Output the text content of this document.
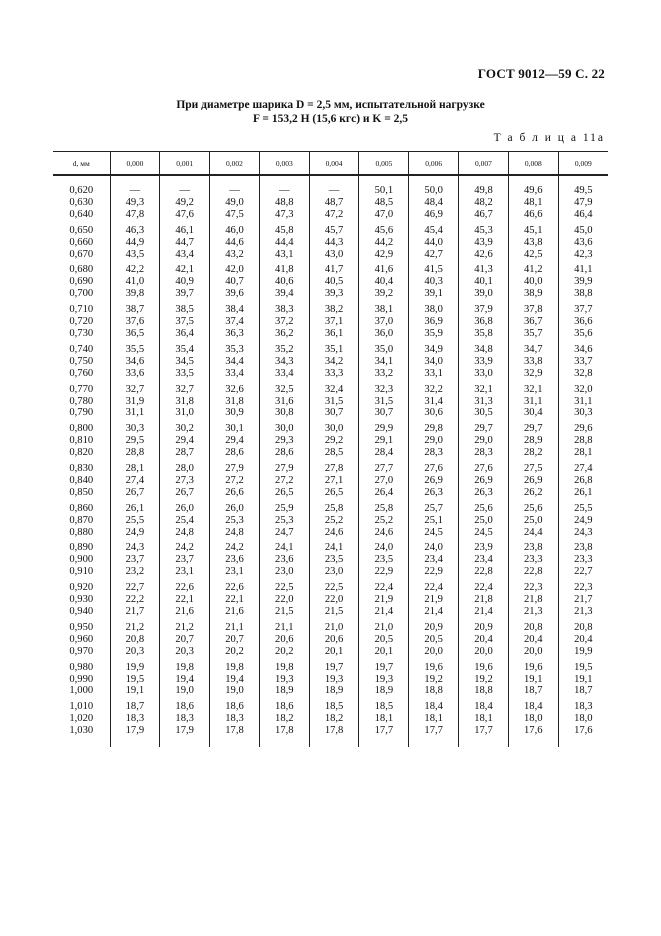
ГОСТ 9012—59 С. 22
При диаметре шарика D = 2,5 мм, испытательной нагрузке
F = 153,2 Н (15,6 кгс) и K = 2,5
Т а б л и ц а 11а
d, мм	0,000	0,001	0,002	0,003	0,004	0,005	0,006	0,007	0,008	0,009

0,620	—	—	—	—	—	50,1	50,0	49,8	49,6	49,5
0,630	49,3	49,2	49,0	48,8	48,7	48,5	48,4	48,2	48,1	47,9
0,640	47,8	47,6	47,5	47,3	47,2	47,0	46,9	46,7	46,6	46,4

0,650	46,3	46,1	46,0	45,8	45,7	45,6	45,4	45,3	45,1	45,0
0,660	44,9	44,7	44,6	44,4	44,3	44,2	44,0	43,9	43,8	43,6
0,670	43,5	43,4	43,2	43,1	43,0	42,9	42,7	42,6	42,5	42,3

0,680	42,2	42,1	42,0	41,8	41,7	41,6	41,5	41,3	41,2	41,1
0,690	41,0	40,9	40,7	40,6	40,5	40,4	40,3	40,1	40,0	39,9
0,700	39,8	39,7	39,6	39,4	39,3	39,2	39,1	39,0	38,9	38,8

0,710	38,7	38,5	38,4	38,3	38,2	38,1	38,0	37,9	37,8	37,7
0,720	37,6	37,5	37,4	37,2	37,1	37,0	36,9	36,8	36,7	36,6
0,730	36,5	36,4	36,3	36,2	36,1	36,0	35,9	35,8	35,7	35,6

0,740	35,5	35,4	35,3	35,2	35,1	35,0	34,9	34,8	34,7	34,6
0,750	34,6	34,5	34,4	34,3	34,2	34,1	34,0	33,9	33,8	33,7
0,760	33,6	33,5	33,4	33,4	33,3	33,2	33,1	33,0	32,9	32,8

0,770	32,7	32,7	32,6	32,5	32,4	32,3	32,2	32,1	32,1	32,0
0,780	31,9	31,8	31,8	31,6	31,5	31,5	31,4	31,3	31,1	31,1
0,790	31,1	31,0	30,9	30,8	30,7	30,7	30,6	30,5	30,4	30,3

0,800	30,3	30,2	30,1	30,0	30,0	29,9	29,8	29,7	29,7	29,6
0,810	29,5	29,4	29,4	29,3	29,2	29,1	29,0	29,0	28,9	28,8
0,820	28,8	28,7	28,6	28,6	28,5	28,4	28,3	28,3	28,2	28,1

0,830	28,1	28,0	27,9	27,9	27,8	27,7	27,6	27,6	27,5	27,4
0,840	27,4	27,3	27,2	27,2	27,1	27,0	26,9	26,9	26,9	26,8
0,850	26,7	26,7	26,6	26,5	26,5	26,4	26,3	26,3	26,2	26,1

0,860	26,1	26,0	26,0	25,9	25,8	25,8	25,7	25,6	25,6	25,5
0,870	25,5	25,4	25,3	25,3	25,2	25,2	25,1	25,0	25,0	24,9
0,880	24,9	24,8	24,8	24,7	24,6	24,6	24,5	24,5	24,4	24,3

0,890	24,3	24,2	24,2	24,1	24,1	24,0	24,0	23,9	23,8	23,8
0,900	23,7	23,7	23,6	23,6	23,5	23,5	23,4	23,4	23,3	23,3
0,910	23,2	23,1	23,1	23,0	23,0	22,9	22,9	22,8	22,8	22,7

0,920	22,7	22,6	22,6	22,5	22,5	22,4	22,4	22,4	22,3	22,3
0,930	22,2	22,1	22,1	22,0	22,0	21,9	21,9	21,8	21,8	21,7
0,940	21,7	21,6	21,6	21,5	21,5	21,4	21,4	21,4	21,3	21,3

0,950	21,2	21,2	21,1	21,1	21,0	21,0	20,9	20,9	20,8	20,8
0,960	20,8	20,7	20,7	20,6	20,6	20,5	20,5	20,4	20,4	20,4
0,970	20,3	20,3	20,2	20,2	20,1	20,1	20,0	20,0	20,0	19,9

0,980	19,9	19,8	19,8	19,8	19,7	19,7	19,6	19,6	19,6	19,5
0,990	19,5	19,4	19,4	19,3	19,3	19,3	19,2	19,2	19,1	19,1
1,000	19,1	19,0	19,0	18,9	18,9	18,9	18,8	18,8	18,7	18,7

1,010	18,7	18,6	18,6	18,6	18,5	18,5	18,4	18,4	18,4	18,3
1,020	18,3	18,3	18,3	18,2	18,2	18,1	18,1	18,1	18,0	18,0
1,030	17,9	17,9	17,8	17,8	17,8	17,7	17,7	17,7	17,6	17,6
